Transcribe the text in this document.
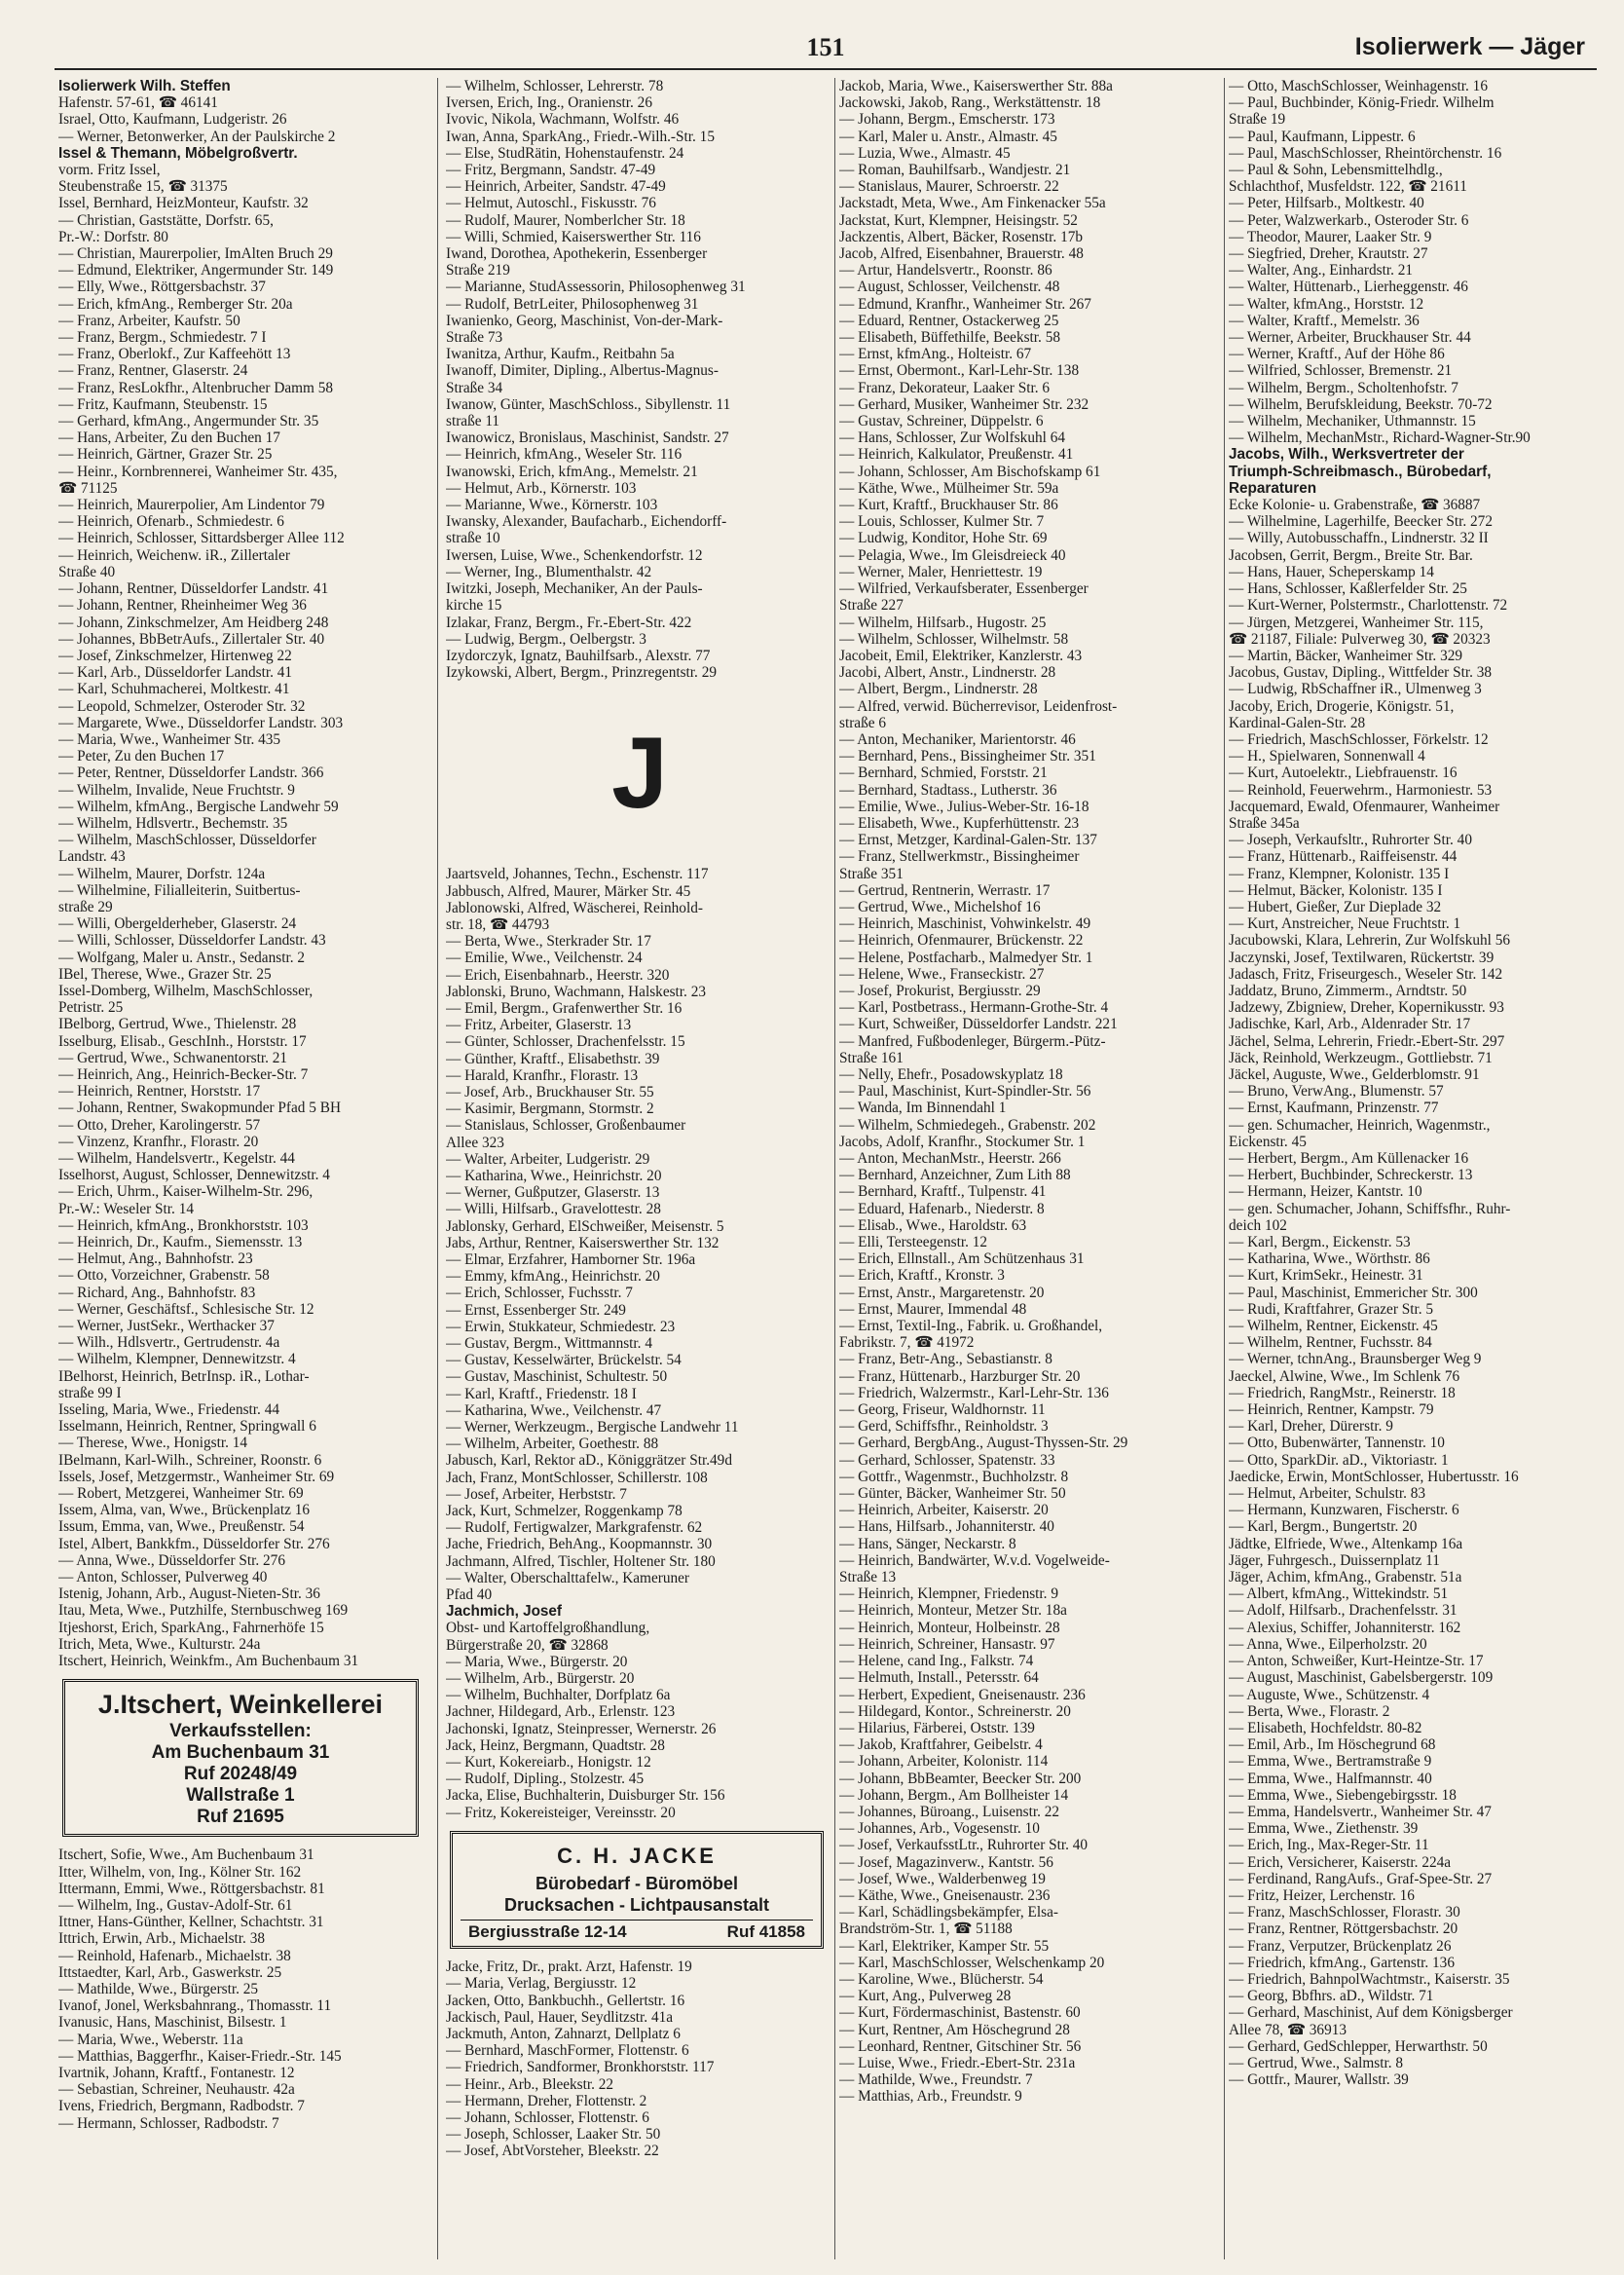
151	Isolierwerk — Jäger
Isolierwerk Wilh. Steffen
Hafenstr. 57-61, ☎ 46141
Israel, Otto, Kaufmann, Ludgeristr. 26
— Werner, Betonwerker, An der Paulskirche 2
Issel & Themann, Möbelgroßvertr.
vorm. Fritz Issel,
Steubenstraße 15, ☎ 31375
Issel, Bernhard, HeizMonteur, Kaufstr. 32
— Christian, Gaststätte, Dorfstr. 65,
Pr.-W.: Dorfstr. 80
— Christian, Maurerpolier, ImAlten Bruch 29
— Edmund, Elektriker, Angermunder Str. 149
— Elly, Wwe., Röttgersbachstr. 37
— Erich, kfmAng., Remberger Str. 20a
— Franz, Arbeiter, Kaufstr. 50
— Franz, Bergm., Schmiedestr. 7 I
— Franz, Oberlokf., Zur Kaffeehött 13
— Franz, Rentner, Glaserstr. 24
— Franz, ResLokfhr., Altenbrucher Damm 58
— Fritz, Kaufmann, Steubenstr. 15
— Gerhard, kfmAng., Angermunder Str. 35
— Hans, Arbeiter, Zu den Buchen 17
— Heinrich, Gärtner, Grazer Str. 25
— Heinr., Kornbrennerei, Wanheimer Str. 435,
☎ 71125
— Heinrich, Maurerpolier, Am Lindentor 79
— Heinrich, Ofenarb., Schmiedestr. 6
— Heinrich, Schlosser, Sittardsberger Allee 112
— Heinrich, Weichenw. iR., Zillertaler
Straße 40
— Johann, Rentner, Düsseldorfer Landstr. 41
— Johann, Rentner, Rheinheimer Weg 36
— Johann, Zinkschmelzer, Am Heidberg 248
— Johannes, BbBetrAufs., Zillertaler Str. 40
— Josef, Zinkschmelzer, Hirtenweg 22
— Karl, Arb., Düsseldorfer Landstr. 41
— Karl, Schuhmacherei, Moltkestr. 41
— Leopold, Schmelzer, Osteroder Str. 32
— Margarete, Wwe., Düsseldorfer Landstr. 303
— Maria, Wwe., Wanheimer Str. 435
— Peter, Zu den Buchen 17
— Peter, Rentner, Düsseldorfer Landstr. 366
— Wilhelm, Invalide, Neue Fruchtstr. 9
— Wilhelm, kfmAng., Bergische Landwehr 59
— Wilhelm, Hdlsvertr., Bechemstr. 35
— Wilhelm, MaschSchlosser, Düsseldorfer
Landstr. 43
— Wilhelm, Maurer, Dorfstr. 124a
— Wilhelmine, Filialleiterin, Suitbertus-
straße 29
— Willi, Obergelderheber, Glaserstr. 24
— Willi, Schlosser, Düsseldorfer Landstr. 43
— Wolfgang, Maler u. Anstr., Sedanstr. 2
IBel, Therese, Wwe., Grazer Str. 25
Issel-Domberg, Wilhelm, MaschSchlosser,
Petristr. 25
IBelborg, Gertrud, Wwe., Thielenstr. 28
Isselburg, Elisab., GeschInh., Horststr. 17
— Gertrud, Wwe., Schwanentorstr. 21
— Heinrich, Ang., Heinrich-Becker-Str. 7
— Heinrich, Rentner, Horststr. 17
— Johann, Rentner, Swakopmunder Pfad 5 BH
— Otto, Dreher, Karolingerstr. 57
— Vinzenz, Kranfhr., Florastr. 20
— Wilhelm, Handelsvertr., Kegelstr. 44
Isselhorst, August, Schlosser, Dennewitzstr. 4
— Erich, Uhrm., Kaiser-Wilhelm-Str. 296,
Pr.-W.: Weseler Str. 14
— Heinrich, kfmAng., Bronkhorststr. 103
— Heinrich, Dr., Kaufm., Siemensstr. 13
— Helmut, Ang., Bahnhofstr. 23
— Otto, Vorzeichner, Grabenstr. 58
— Richard, Ang., Bahnhofstr. 83
— Werner, Geschäftsf., Schlesische Str. 12
— Werner, JustSekr., Werthacker 37
— Wilh., Hdlsvertr., Gertrudenstr. 4a
— Wilhelm, Klempner, Dennewitzstr. 4
IBelhorst, Heinrich, BetrInsp. iR., Lothar-
straße 99 I
Isseling, Maria, Wwe., Friedenstr. 44
Isselmann, Heinrich, Rentner, Springwall 6
— Therese, Wwe., Honigstr. 14
IBelmann, Karl-Wilh., Schreiner, Roonstr. 6
Issels, Josef, Metzgermstr., Wanheimer Str. 69
— Robert, Metzgerei, Wanheimer Str. 69
Issem, Alma, van, Wwe., Brückenplatz 16
Issum, Emma, van, Wwe., Preußenstr. 54
Istel, Albert, Bankkfm., Düsseldorfer Str. 276
— Anna, Wwe., Düsseldorfer Str. 276
— Anton, Schlosser, Pulverweg 40
Istenig, Johann, Arb., August-Nieten-Str. 36
Itau, Meta, Wwe., Putzhilfe, Sternbuschweg 169
Itjeshorst, Erich, SparkAng., Fahrnerhöfe 15
Itrich, Meta, Wwe., Kulturstr. 24a
Itschert, Heinrich, Weinkfm., Am Buchenbaum 31
J.Itschert, Weinkellerei
Verkaufsstellen:
Am Buchenbaum 31
Ruf 20248/49
Wallstraße 1
Ruf 21695
Itschert, Sofie, Wwe., Am Buchenbaum 31
Itter, Wilhelm, von, Ing., Kölner Str. 162
Ittermann, Emmi, Wwe., Röttgersbachstr. 81
— Wilhelm, Ing., Gustav-Adolf-Str. 61
Ittner, Hans-Günther, Kellner, Schachtstr. 31
Ittrich, Erwin, Arb., Michaelstr. 38
— Reinhold, Hafenarb., Michaelstr. 38
Ittstaedter, Karl, Arb., Gaswerkstr. 25
— Mathilde, Wwe., Bürgerstr. 25
Ivanof, Jonel, Werksbahnrang., Thomasstr. 11
Ivanusic, Hans, Maschinist, Bilsestr. 1
— Maria, Wwe., Weberstr. 11a
— Matthias, Baggerfhr., Kaiser-Friedr.-Str. 145
Ivartnik, Johann, Kraftf., Fontanestr. 12
— Sebastian, Schreiner, Neuhaustr. 42a
Ivens, Friedrich, Bergmann, Radbodstr. 7
— Hermann, Schlosser, Radbodstr. 7
— Wilhelm, Schlosser, Lehrerstr. 78
Iversen, Erich, Ing., Oranienstr. 26
Ivovic, Nikola, Wachmann, Wolfstr. 46
Iwan, Anna, SparkAng., Friedr.-Wilh.-Str. 15
— Else, StudRätin, Hohenstaufenstr. 24
— Fritz, Bergmann, Sandstr. 47-49
— Heinrich, Arbeiter, Sandstr. 47-49
— Helmut, Autoschl., Fiskusstr. 76
— Rudolf, Maurer, Nomberlcher Str. 18
— Willi, Schmied, Kaiserswerther Str. 116
Iwand, Dorothea, Apothekerin, Essenberger
Straße 219
— Marianne, StudAssessorin, Philosophenweg 31
— Rudolf, BetrLeiter, Philosophenweg 31
Iwanienko, Georg, Maschinist, Von-der-Mark-
Straße 73
Iwanitza, Arthur, Kaufm., Reitbahn 5a
Iwanoff, Dimiter, Dipling., Albertus-Magnus-
Straße 34
Iwanow, Günter, MaschSchloss., Sibyllenstr. 11
straße 11
Iwanowicz, Bronislaus, Maschinist, Sandstr. 27
— Heinrich, kfmAng., Weseler Str. 116
Iwanowski, Erich, kfmAng., Memelstr. 21
— Helmut, Arb., Körnerstr. 103
— Marianne, Wwe., Körnerstr. 103
Iwansky, Alexander, Baufacharb., Eichendorff-
straße 10
Iwersen, Luise, Wwe., Schenkendorfstr. 12
— Werner, Ing., Blumenthalstr. 42
Iwitzki, Joseph, Mechaniker, An der Pauls-
kirche 15
Izlakar, Franz, Bergm., Fr.-Ebert-Str. 422
— Ludwig, Bergm., Oelbergstr. 3
Izydorczyk, Ignatz, Bauhilfsarb., Alexstr. 77
Izykowski, Albert, Bergm., Prinzregentstr. 29
J
Jaartsveld, Johannes, Techn., Eschenstr. 117
Jabbusch, Alfred, Maurer, Märker Str. 45
Jablonowski, Alfred, Wäscherei, Reinhold-
str. 18, ☎ 44793
— Berta, Wwe., Sterkrader Str. 17
— Emilie, Wwe., Veilchenstr. 24
— Erich, Eisenbahnarb., Heerstr. 320
Jablonski, Bruno, Wachmann, Halskestr. 23
— Emil, Bergm., Grafenwerther Str. 16
— Fritz, Arbeiter, Glaserstr. 13
— Günter, Schlosser, Drachenfelsstr. 15
— Günther, Kraftf., Elisabethstr. 39
— Harald, Kranfhr., Florastr. 13
— Josef, Arb., Bruckhauser Str. 55
— Kasimir, Bergmann, Stormstr. 2
— Stanislaus, Schlosser, Großenbaumer
Allee 323
— Walter, Arbeiter, Ludgeristr. 29
— Katharina, Wwe., Heinrichstr. 20
— Werner, Gußputzer, Glaserstr. 13
— Willi, Hilfsarb., Gravelottestr. 28
Jablonsky, Gerhard, ElSchweißer, Meisenstr. 5
Jabs, Arthur, Rentner, Kaiserswerther Str. 132
— Elmar, Erzfahrer, Hamborner Str. 196a
— Emmy, kfmAng., Heinrichstr. 20
— Erich, Schlosser, Fuchsstr. 7
— Ernst, Essenberger Str. 249
— Erwin, Stukkateur, Schmiedestr. 23
— Gustav, Bergm., Wittmannstr. 4
— Gustav, Kesselwärter, Brückelstr. 54
— Gustav, Maschinist, Schultestr. 50
— Karl, Kraftf., Friedenstr. 18 I
— Katharina, Wwe., Veilchenstr. 47
— Werner, Werkzeugm., Bergische Landwehr 11
— Wilhelm, Arbeiter, Goethestr. 88
Jabusch, Karl, Rektor aD., Königgrätzer Str.49d
Jach, Franz, MontSchlosser, Schillerstr. 108
— Josef, Arbeiter, Herbststr. 7
Jack, Kurt, Schmelzer, Roggenkamp 78
— Rudolf, Fertigwalzer, Markgrafenstr. 62
Jache, Friedrich, BehAng., Koopmannstr. 30
Jachmann, Alfred, Tischler, Holtener Str. 180
— Walter, Oberschalttafelw., Kameruner
Pfad 40
Jachmich, Josef
Obst- und Kartoffelgroßhandlung,
Bürgerstraße 20, ☎ 32868
— Maria, Wwe., Bürgerstr. 20
— Wilhelm, Arb., Bürgerstr. 20
— Wilhelm, Buchhalter, Dorfplatz 6a
Jachner, Hildegard, Arb., Erlenstr. 123
Jachonski, Ignatz, Steinpresser, Wernerstr. 26
Jack, Heinz, Bergmann, Quadtstr. 28
— Kurt, Kokereiarb., Honigstr. 12
— Rudolf, Dipling., Stolzestr. 45
Jacka, Elise, Buchhalterin, Duisburger Str. 156
— Fritz, Kokereisteiger, Vereinsstr. 20
C. H. JACKE
Bürobedarf - Büromöbel
Drucksachen - Lichtpausanstalt
Bergiusstraße 12-14	Ruf 41858
Jacke, Fritz, Dr., prakt. Arzt, Hafenstr. 19
— Maria, Verlag, Bergiusstr. 12
Jacken, Otto, Bankbuchh., Gellertstr. 16
Jackisch, Paul, Hauer, Seydlitzstr. 41a
Jackmuth, Anton, Zahnarzt, Dellplatz 6
— Bernhard, MaschFormer, Flottenstr. 6
— Friedrich, Sandformer, Bronkhorststr. 117
— Heinr., Arb., Bleekstr. 22
— Hermann, Dreher, Flottenstr. 2
— Johann, Schlosser, Flottenstr. 6
— Joseph, Schlosser, Laaker Str. 50
— Josef, AbtVorsteher, Bleekstr. 22
Jackob, Maria, Wwe., Kaiserswerther Str. 88a
Jackowski, Jakob, Rang., Werkstättenstr. 18
— Johann, Bergm., Emscherstr. 173
— Karl, Maler u. Anstr., Almastr. 45
— Luzia, Wwe., Almastr. 45
— Roman, Bauhilfsarb., Wandjestr. 21
— Stanislaus, Maurer, Schroerstr. 22
Jackstadt, Meta, Wwe., Am Finkenacker 55a
Jackstat, Kurt, Klempner, Heisingstr. 52
Jackzentis, Albert, Bäcker, Rosenstr. 17b
Jacob, Alfred, Eisenbahner, Brauerstr. 48
— Artur, Handelsvertr., Roonstr. 86
— August, Schlosser, Veilchenstr. 48
— Edmund, Kranfhr., Wanheimer Str. 267
— Eduard, Rentner, Ostackerweg 25
— Elisabeth, Büffethilfe, Beekstr. 58
— Ernst, kfmAng., Holteistr. 67
— Ernst, Obermont., Karl-Lehr-Str. 138
— Franz, Dekorateur, Laaker Str. 6
— Gerhard, Musiker, Wanheimer Str. 232
— Gustav, Schreiner, Düppelstr. 6
— Hans, Schlosser, Zur Wolfskuhl 64
— Heinrich, Kalkulator, Preußenstr. 41
— Johann, Schlosser, Am Bischofskamp 61
— Käthe, Wwe., Mülheimer Str. 59a
— Kurt, Kraftf., Bruckhauser Str. 86
— Louis, Schlosser, Kulmer Str. 7
— Ludwig, Konditor, Hohe Str. 69
— Pelagia, Wwe., Im Gleisdreieck 40
— Werner, Maler, Henriettestr. 19
— Wilfried, Verkaufsberater, Essenberger
Straße 227
— Wilhelm, Hilfsarb., Hugostr. 25
— Wilhelm, Schlosser, Wilhelmstr. 58
Jacobeit, Emil, Elektriker, Kanzlerstr. 43
Jacobi, Albert, Anstr., Lindnerstr. 28
— Albert, Bergm., Lindnerstr. 28
— Alfred, verwid. Bücherrevisor, Leidenfrost-
straße 6
— Anton, Mechaniker, Marientorstr. 46
— Bernhard, Pens., Bissingheimer Str. 351
— Bernhard, Schmied, Forststr. 21
— Bernhard, Stadtass., Lutherstr. 36
— Emilie, Wwe., Julius-Weber-Str. 16-18
— Elisabeth, Wwe., Kupferhüttenstr. 23
— Ernst, Metzger, Kardinal-Galen-Str. 137
— Franz, Stellwerkmstr., Bissingheimer
Straße 351
— Gertrud, Rentnerin, Werrastr. 17
— Gertrud, Wwe., Michelshof 16
— Heinrich, Maschinist, Vohwinkelstr. 49
— Heinrich, Ofenmaurer, Brückenstr. 22
— Helene, Postfacharb., Malmedyer Str. 1
— Helene, Wwe., Franseckistr. 27
— Josef, Prokurist, Bergiusstr. 29
— Karl, Postbetrass., Hermann-Grothe-Str. 4
— Kurt, Schweißer, Düsseldorfer Landstr. 221
— Manfred, Fußbodenleger, Bürgerm.-Pütz-
Straße 161
— Nelly, Ehefr., Posadowskyplatz 18
— Paul, Maschinist, Kurt-Spindler-Str. 56
— Wanda, Im Binnendahl 1
— Wilhelm, Schmiedegeh., Grabenstr. 202
Jacobs, Adolf, Kranfhr., Stockumer Str. 1
— Anton, MechanMstr., Heerstr. 266
— Bernhard, Anzeichner, Zum Lith 88
— Bernhard, Kraftf., Tulpenstr. 41
— Eduard, Hafenarb., Niederstr. 8
— Elisab., Wwe., Haroldstr. 63
— Elli, Tersteegenstr. 12
— Erich, Ellnstall., Am Schützenhaus 31
— Erich, Kraftf., Kronstr. 3
— Ernst, Anstr., Margaretenstr. 20
— Ernst, Maurer, Immendal 48
— Ernst, Textil-Ing., Fabrik. u. Großhandel,
Fabrikstr. 7, ☎ 41972
— Franz, Betr-Ang., Sebastianstr. 8
— Franz, Hüttenarb., Harzburger Str. 20
— Friedrich, Walzermstr., Karl-Lehr-Str. 136
— Georg, Friseur, Waldhornstr. 11
— Gerd, Schiffsfhr., Reinholdstr. 3
— Gerhard, BergbAng., August-Thyssen-Str. 29
— Gerhard, Schlosser, Spatenstr. 33
— Gottfr., Wagenmstr., Buchholzstr. 8
— Günter, Bäcker, Wanheimer Str. 50
— Heinrich, Arbeiter, Kaiserstr. 20
— Hans, Hilfsarb., Johanniterstr. 40
— Hans, Sänger, Neckarstr. 8
— Heinrich, Bandwärter, W.v.d. Vogelweide-
Straße 13
— Heinrich, Klempner, Friedenstr. 9
— Heinrich, Monteur, Metzer Str. 18a
— Heinrich, Monteur, Holbeinstr. 28
— Heinrich, Schreiner, Hansastr. 97
— Helene, cand Ing., Falkstr. 74
— Helmuth, Install., Petersstr. 64
— Herbert, Expedient, Gneisenaustr. 236
— Hildegard, Kontor., Schreinerstr. 20
— Hilarius, Färberei, Oststr. 139
— Jakob, Kraftfahrer, Geibelstr. 4
— Johann, Arbeiter, Kolonistr. 114
— Johann, BbBeamter, Beecker Str. 200
— Johann, Bergm., Am Bollheister 14
— Johannes, Büroang., Luisenstr. 22
— Johannes, Arb., Vogesenstr. 10
— Josef, VerkaufsstLtr., Ruhrorter Str. 40
— Josef, Magazinverw., Kantstr. 56
— Josef, Wwe., Walderbenweg 19
— Käthe, Wwe., Gneisenaustr. 236
— Karl, Schädlingsbekämpfer, Elsa-
Brandström-Str. 1, ☎ 51188
— Karl, Elektriker, Kamper Str. 55
— Karl, MaschSchlosser, Welschenkamp 20
— Karoline, Wwe., Blücherstr. 54
— Kurt, Ang., Pulverweg 28
— Kurt, Fördermaschinist, Bastenstr. 60
— Kurt, Rentner, Am Höschegrund 28
— Leonhard, Rentner, Gitschiner Str. 56
— Luise, Wwe., Friedr.-Ebert-Str. 231a
— Mathilde, Wwe., Freundstr. 7
— Matthias, Arb., Freundstr. 9
— Otto, MaschSchlosser, Weinhagenstr. 16
— Paul, Buchbinder, König-Friedr. Wilhelm
Straße 19
— Paul, Kaufmann, Lippestr. 6
— Paul, MaschSchlosser, Rheintörchenstr. 16
— Paul & Sohn, Lebensmittelhdlg.,
Schlachthof, Musfeldstr. 122, ☎ 21611
— Peter, Hilfsarb., Moltkestr. 40
— Peter, Walzwerkarb., Osteroder Str. 6
— Theodor, Maurer, Laaker Str. 9
— Siegfried, Dreher, Krautstr. 27
— Walter, Ang., Einhardstr. 21
— Walter, Hüttenarb., Lierheggenstr. 46
— Walter, kfmAng., Horststr. 12
— Walter, Kraftf., Memelstr. 36
— Werner, Arbeiter, Bruckhauser Str. 44
— Werner, Kraftf., Auf der Höhe 86
— Wilfried, Schlosser, Bremenstr. 21
— Wilhelm, Bergm., Scholtenhofstr. 7
— Wilhelm, Berufskleidung, Beekstr. 70-72
— Wilhelm, Mechaniker, Uthmannstr. 15
— Wilhelm, MechanMstr., Richard-Wagner-Str.90
Jacobs, Wilh., Werksvertreter der
Triumph-Schreibmasch., Bürobedarf,
Reparaturen
Ecke Kolonie- u. Grabenstraße, ☎ 36887
— Wilhelmine, Lagerhilfe, Beecker Str. 272
— Willy, Autobusschaffn., Lindnerstr. 32 II
Jacobsen, Gerrit, Bergm., Breite Str. Bar.
— Hans, Hauer, Scheperskamp 14
— Hans, Schlosser, Kaßlerfelder Str. 25
— Kurt-Werner, Polstermstr., Charlottenstr. 72
— Jürgen, Metzgerei, Wanheimer Str. 115,
☎ 21187, Filiale: Pulverweg 30, ☎ 20323
— Martin, Bäcker, Wanheimer Str. 329
Jacobus, Gustav, Dipling., Wittfelder Str. 38
— Ludwig, RbSchaffner iR., Ulmenweg 3
Jacoby, Erich, Drogerie, Königstr. 51,
Kardinal-Galen-Str. 28
— Friedrich, MaschSchlosser, Förkelstr. 12
— H., Spielwaren, Sonnenwall 4
— Kurt, Autoelektr., Liebfrauenstr. 16
— Reinhold, Feuerwehrm., Harmoniestr. 53
Jacquemard, Ewald, Ofenmaurer, Wanheimer
Straße 345a
— Joseph, Verkaufsltr., Ruhrorter Str. 40
— Franz, Hüttenarb., Raiffeisenstr. 44
— Franz, Klempner, Kolonistr. 135 I
— Helmut, Bäcker, Kolonistr. 135 I
— Hubert, Gießer, Zur Dieplade 32
— Kurt, Anstreicher, Neue Fruchtstr. 1
Jacubowski, Klara, Lehrerin, Zur Wolfskuhl 56
Jaczynski, Josef, Textilwaren, Rückertstr. 39
Jadasch, Fritz, Friseurgesch., Weseler Str. 142
Jaddatz, Bruno, Zimmerm., Arndtstr. 50
Jadzewy, Zbigniew, Dreher, Kopernikusstr. 93
Jadischke, Karl, Arb., Aldenrader Str. 17
Jächel, Selma, Lehrerin, Friedr.-Ebert-Str. 297
Jäck, Reinhold, Werkzeugm., Gottliebstr. 71
Jäckel, Auguste, Wwe., Gelderblomstr. 91
— Bruno, VerwAng., Blumenstr. 57
— Ernst, Kaufmann, Prinzenstr. 77
— gen. Schumacher, Heinrich, Wagenmstr.,
Eickenstr. 45
— Herbert, Bergm., Am Küllenacker 16
— Herbert, Buchbinder, Schreckerstr. 13
— Hermann, Heizer, Kantstr. 10
— gen. Schumacher, Johann, Schiffsfhr., Ruhr-
deich 102
— Karl, Bergm., Eickenstr. 53
— Katharina, Wwe., Wörthstr. 86
— Kurt, KrimSekr., Heinestr. 31
— Paul, Maschinist, Emmericher Str. 300
— Rudi, Kraftfahrer, Grazer Str. 5
— Wilhelm, Rentner, Eickenstr. 45
— Wilhelm, Rentner, Fuchsstr. 84
— Werner, tchnAng., Braunsberger Weg 9
Jaeckel, Alwine, Wwe., Im Schlenk 76
— Friedrich, RangMstr., Reinerstr. 18
— Heinrich, Rentner, Kampstr. 79
— Karl, Dreher, Dürerstr. 9
— Otto, Bubenwärter, Tannenstr. 10
— Otto, SparkDir. aD., Viktoriastr. 1
Jaedicke, Erwin, MontSchlosser, Hubertusstr. 16
— Helmut, Arbeiter, Schulstr. 83
— Hermann, Kunzwaren, Fischerstr. 6
— Karl, Bergm., Bungertstr. 20
Jädtke, Elfriede, Wwe., Altenkamp 16a
Jäger, Fuhrgesch., Duissernplatz 11
Jäger, Achim, kfmAng., Grabenstr. 51a
— Albert, kfmAng., Wittekindstr. 51
— Adolf, Hilfsarb., Drachenfelsstr. 31
— Alexius, Schiffer, Johanniterstr. 162
— Anna, Wwe., Eilperholzstr. 20
— Anton, Schweißer, Kurt-Heintze-Str. 17
— August, Maschinist, Gabelsbergerstr. 109
— Auguste, Wwe., Schützenstr. 4
— Berta, Wwe., Florastr. 2
— Elisabeth, Hochfeldstr. 80-82
— Emil, Arb., Im Höschegrund 68
— Emma, Wwe., Bertramstraße 9
— Emma, Wwe., Halfmannstr. 40
— Emma, Wwe., Siebengebirgsstr. 18
— Emma, Handelsvertr., Wanheimer Str. 47
— Emma, Wwe., Ziethenstr. 39
— Erich, Ing., Max-Reger-Str. 11
— Erich, Versicherer, Kaiserstr. 224a
— Ferdinand, RangAufs., Graf-Spee-Str. 27
— Fritz, Heizer, Lerchenstr. 16
— Franz, MaschSchlosser, Florastr. 30
— Franz, Rentner, Röttgersbachstr. 20
— Franz, Verputzer, Brückenplatz 26
— Friedrich, kfmAng., Gartenstr. 136
— Friedrich, BahnpolWachtmstr., Kaiserstr. 35
— Georg, Bbfhrs. aD., Wildstr. 71
— Gerhard, Maschinist, Auf dem Königsberger
Allee 78, ☎ 36913
— Gerhard, GedSchlepper, Herwarthstr. 50
— Gertrud, Wwe., Salmstr. 8
— Gottfr., Maurer, Wallstr. 39
